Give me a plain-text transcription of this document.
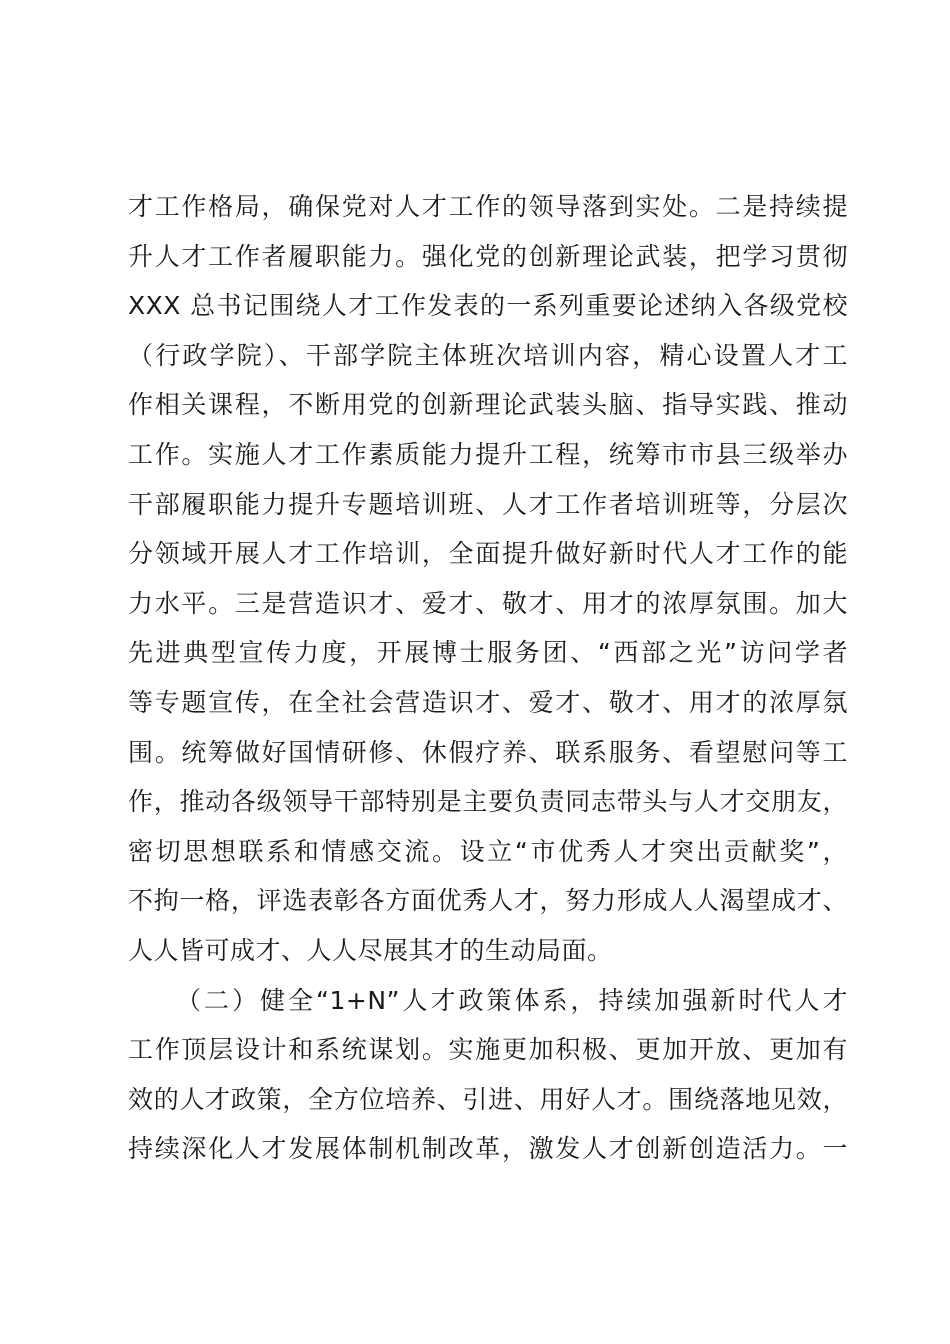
才工作格局，确保党对人才工作的领导落到实处。二是持续提
升人才工作者履职能力。强化党的创新理论武装，把学习贯彻
XXX 总书记围绕人才工作发表的一系列重要论述纳入各级党校
（行政学院）、干部学院主体班次培训内容，精心设置人才工
作相关课程，不断用党的创新理论武装头脑、指导实践、推动
工作。实施人才工作素质能力提升工程，统筹市市县三级举办
干部履职能力提升专题培训班、人才工作者培训班等，分层次
分领域开展人才工作培训，全面提升做好新时代人才工作的能
力水平。三是营造识才、爱才、敬才、用才的浓厚氛围。加大
先进典型宣传力度，开展博士服务团、“西部之光”访问学者
等专题宣传，在全社会营造识才、爱才、敬才、用才的浓厚氛
围。统筹做好国情研修、休假疗养、联系服务、看望慰问等工
作，推动各级领导干部特别是主要负责同志带头与人才交朋友，
密切思想联系和情感交流。设立“市优秀人才突出贡献奖”，
不拘一格，评选表彰各方面优秀人才，努力形成人人渴望成才、
人人皆可成才、人人尽展其才的生动局面。
（二）健全“1+N”人才政策体系，持续加强新时代人才
工作顶层设计和系统谋划。实施更加积极、更加开放、更加有
效的人才政策，全方位培养、引进、用好人才。围绕落地见效，
持续深化人才发展体制机制改革，激发人才创新创造活力。一
